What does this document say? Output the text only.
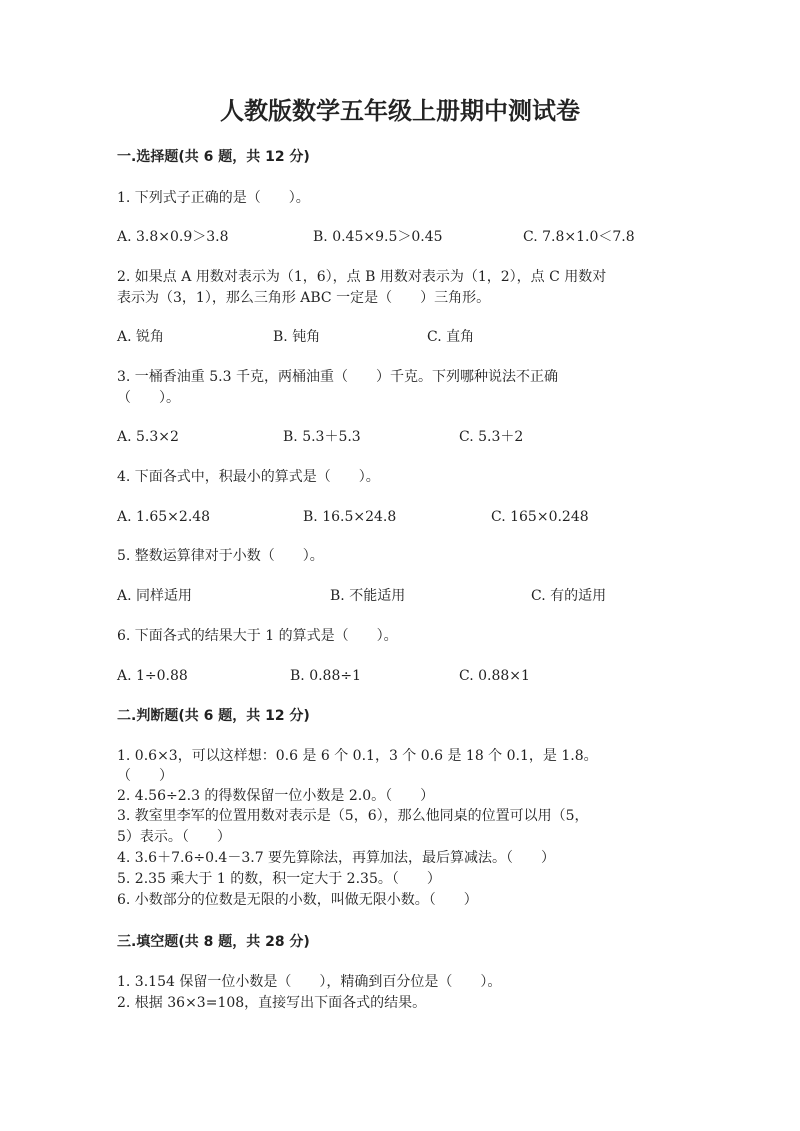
人教版数学五年级上册期中测试卷
一.选择题(共 6 题，共 12 分)
1. 下列式子正确的是（　　）。
A. 3.8×0.9＞3.8	B. 0.45×9.5＞0.45	C. 7.8×1.0＜7.8
2. 如果点 A 用数对表示为（1，6），点 B 用数对表示为（1，2），点 C 用数对
表示为（3，1），那么三角形 ABC 一定是（　　）三角形。
A. 锐角	B. 钝角	C. 直角
3. 一桶香油重 5.3 千克，两桶油重（　　）千克。下列哪种说法不正确
（　　）。
A. 5.3×2	B. 5.3＋5.3	C. 5.3＋2
4. 下面各式中，积最小的算式是（　　）。
A. 1.65×2.48	B. 16.5×24.8	C. 165×0.248
5. 整数运算律对于小数（　　）。
A. 同样适用	B. 不能适用	C. 有的适用
6. 下面各式的结果大于 1 的算式是（　　）。
A. 1÷0.88	B. 0.88÷1	C. 0.88×1
二.判断题(共 6 题，共 12 分)
1. 0.6×3，可以这样想：0.6 是 6 个 0.1，3 个 0.6 是 18 个 0.1，是 1.8。
（　　）
2. 4.56÷2.3 的得数保留一位小数是 2.0。（　　）
3. 教室里李军的位置用数对表示是（5，6），那么他同桌的位置可以用（5，
5）表示。（　　）
4. 3.6＋7.6÷0.4－3.7 要先算除法，再算加法，最后算减法。（　　）
5. 2.35 乘大于 1 的数，积一定大于 2.35。（　　）
6. 小数部分的位数是无限的小数，叫做无限小数。（　　）
三.填空题(共 8 题，共 28 分)
1. 3.154 保留一位小数是（　　），精确到百分位是（　　）。
2. 根据 36×3=108，直接写出下面各式的结果。
